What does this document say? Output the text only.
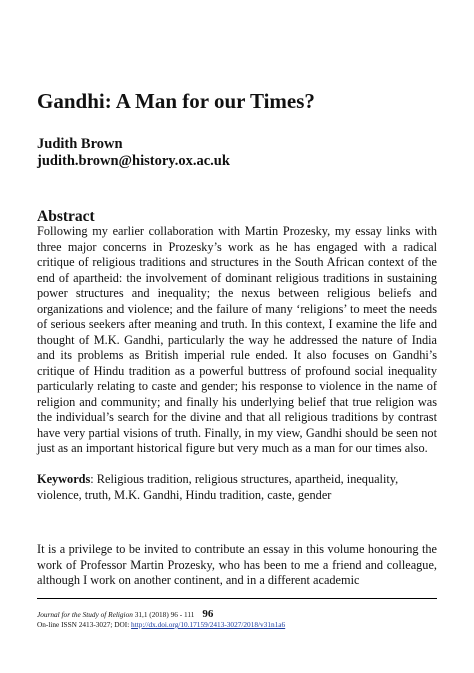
Gandhi: A Man for our Times?
Judith Brown
judith.brown@history.ox.ac.uk
Abstract

Following my earlier collaboration with Martin Prozesky, my essay links with three major concerns in Prozesky’s work as he has engaged with a radical critique of religious traditions and structures in the South African context of the end of apartheid: the involvement of dominant religious traditions in sustaining power structures and inequality; the nexus between religious beliefs and organizations and violence; and the failure of many ‘religions’ to meet the needs of serious seekers after meaning and truth. In this context, I examine the life and thought of M.K. Gandhi, particularly the way he addressed the nature of India and its problems as British imperial rule ended. It also focuses on Gandhi’s critique of Hindu tradition as a powerful buttress of profound social inequality particularly relating to caste and gender; his response to violence in the name of religion and community; and finally his underlying belief that true religion was the individual’s search for the divine and that all religious traditions by contrast have very partial visions of truth. Finally, in my view, Gandhi should be seen not just as an important historical figure but very much as a man for our times also.

Keywords: Religious tradition, religious structures, apartheid, inequality, violence, truth, M.K. Gandhi, Hindu tradition, caste, gender

It is a privilege to be invited to contribute an essay in this volume honouring the work of Professor Martin Prozesky, who has been to me a friend and colleague, although I work on another continent, and in a different academic

Journal for the Study of Religion 31,1 (2018) 96 - 111 96
On-line ISSN 2413-3027; DOI: http://dx.doi.org/10.17159/2413-3027/2018/v31n1a6
